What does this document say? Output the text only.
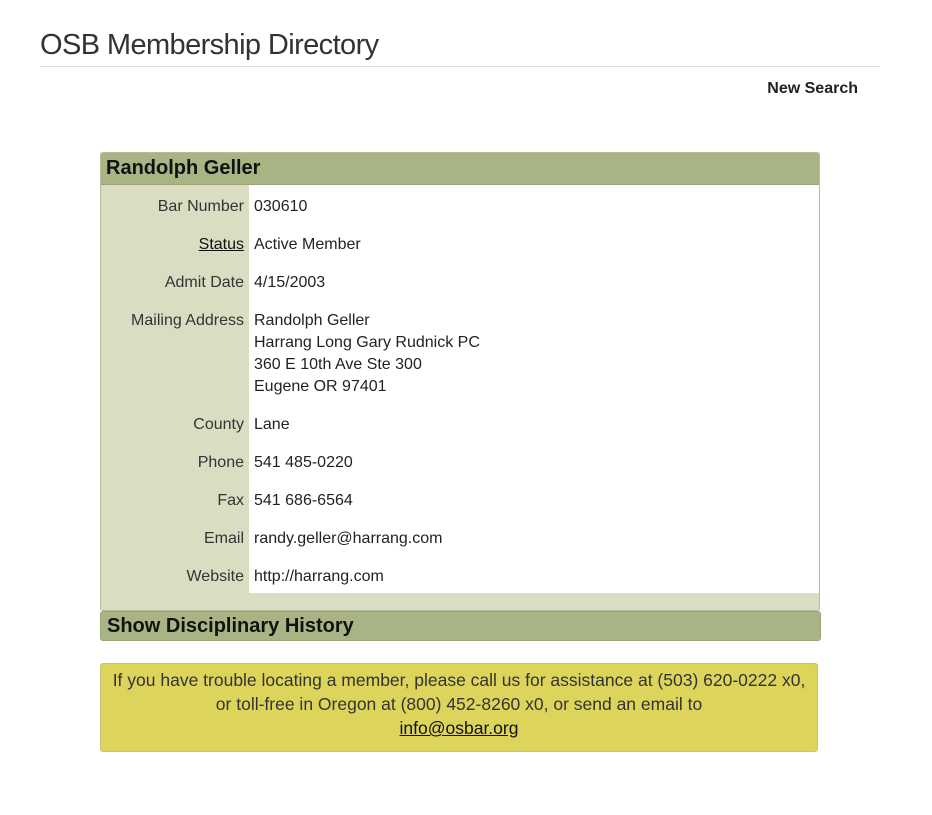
OSB Membership Directory
New Search
Randolph Geller
Bar Number 030610
Status Active Member
Admit Date 4/15/2003
Mailing Address Randolph Geller
Harrang Long Gary Rudnick PC
360 E 10th Ave Ste 300
Eugene OR 97401
County Lane
Phone 541 485-0220
Fax 541 686-6564
Email randy.geller@harrang.com
Website http://harrang.com
Show Disciplinary History
If you have trouble locating a member, please call us for assistance at (503) 620-0222 x0, or toll-free in Oregon at (800) 452-8260 x0, or send an email to
info@osbar.org
